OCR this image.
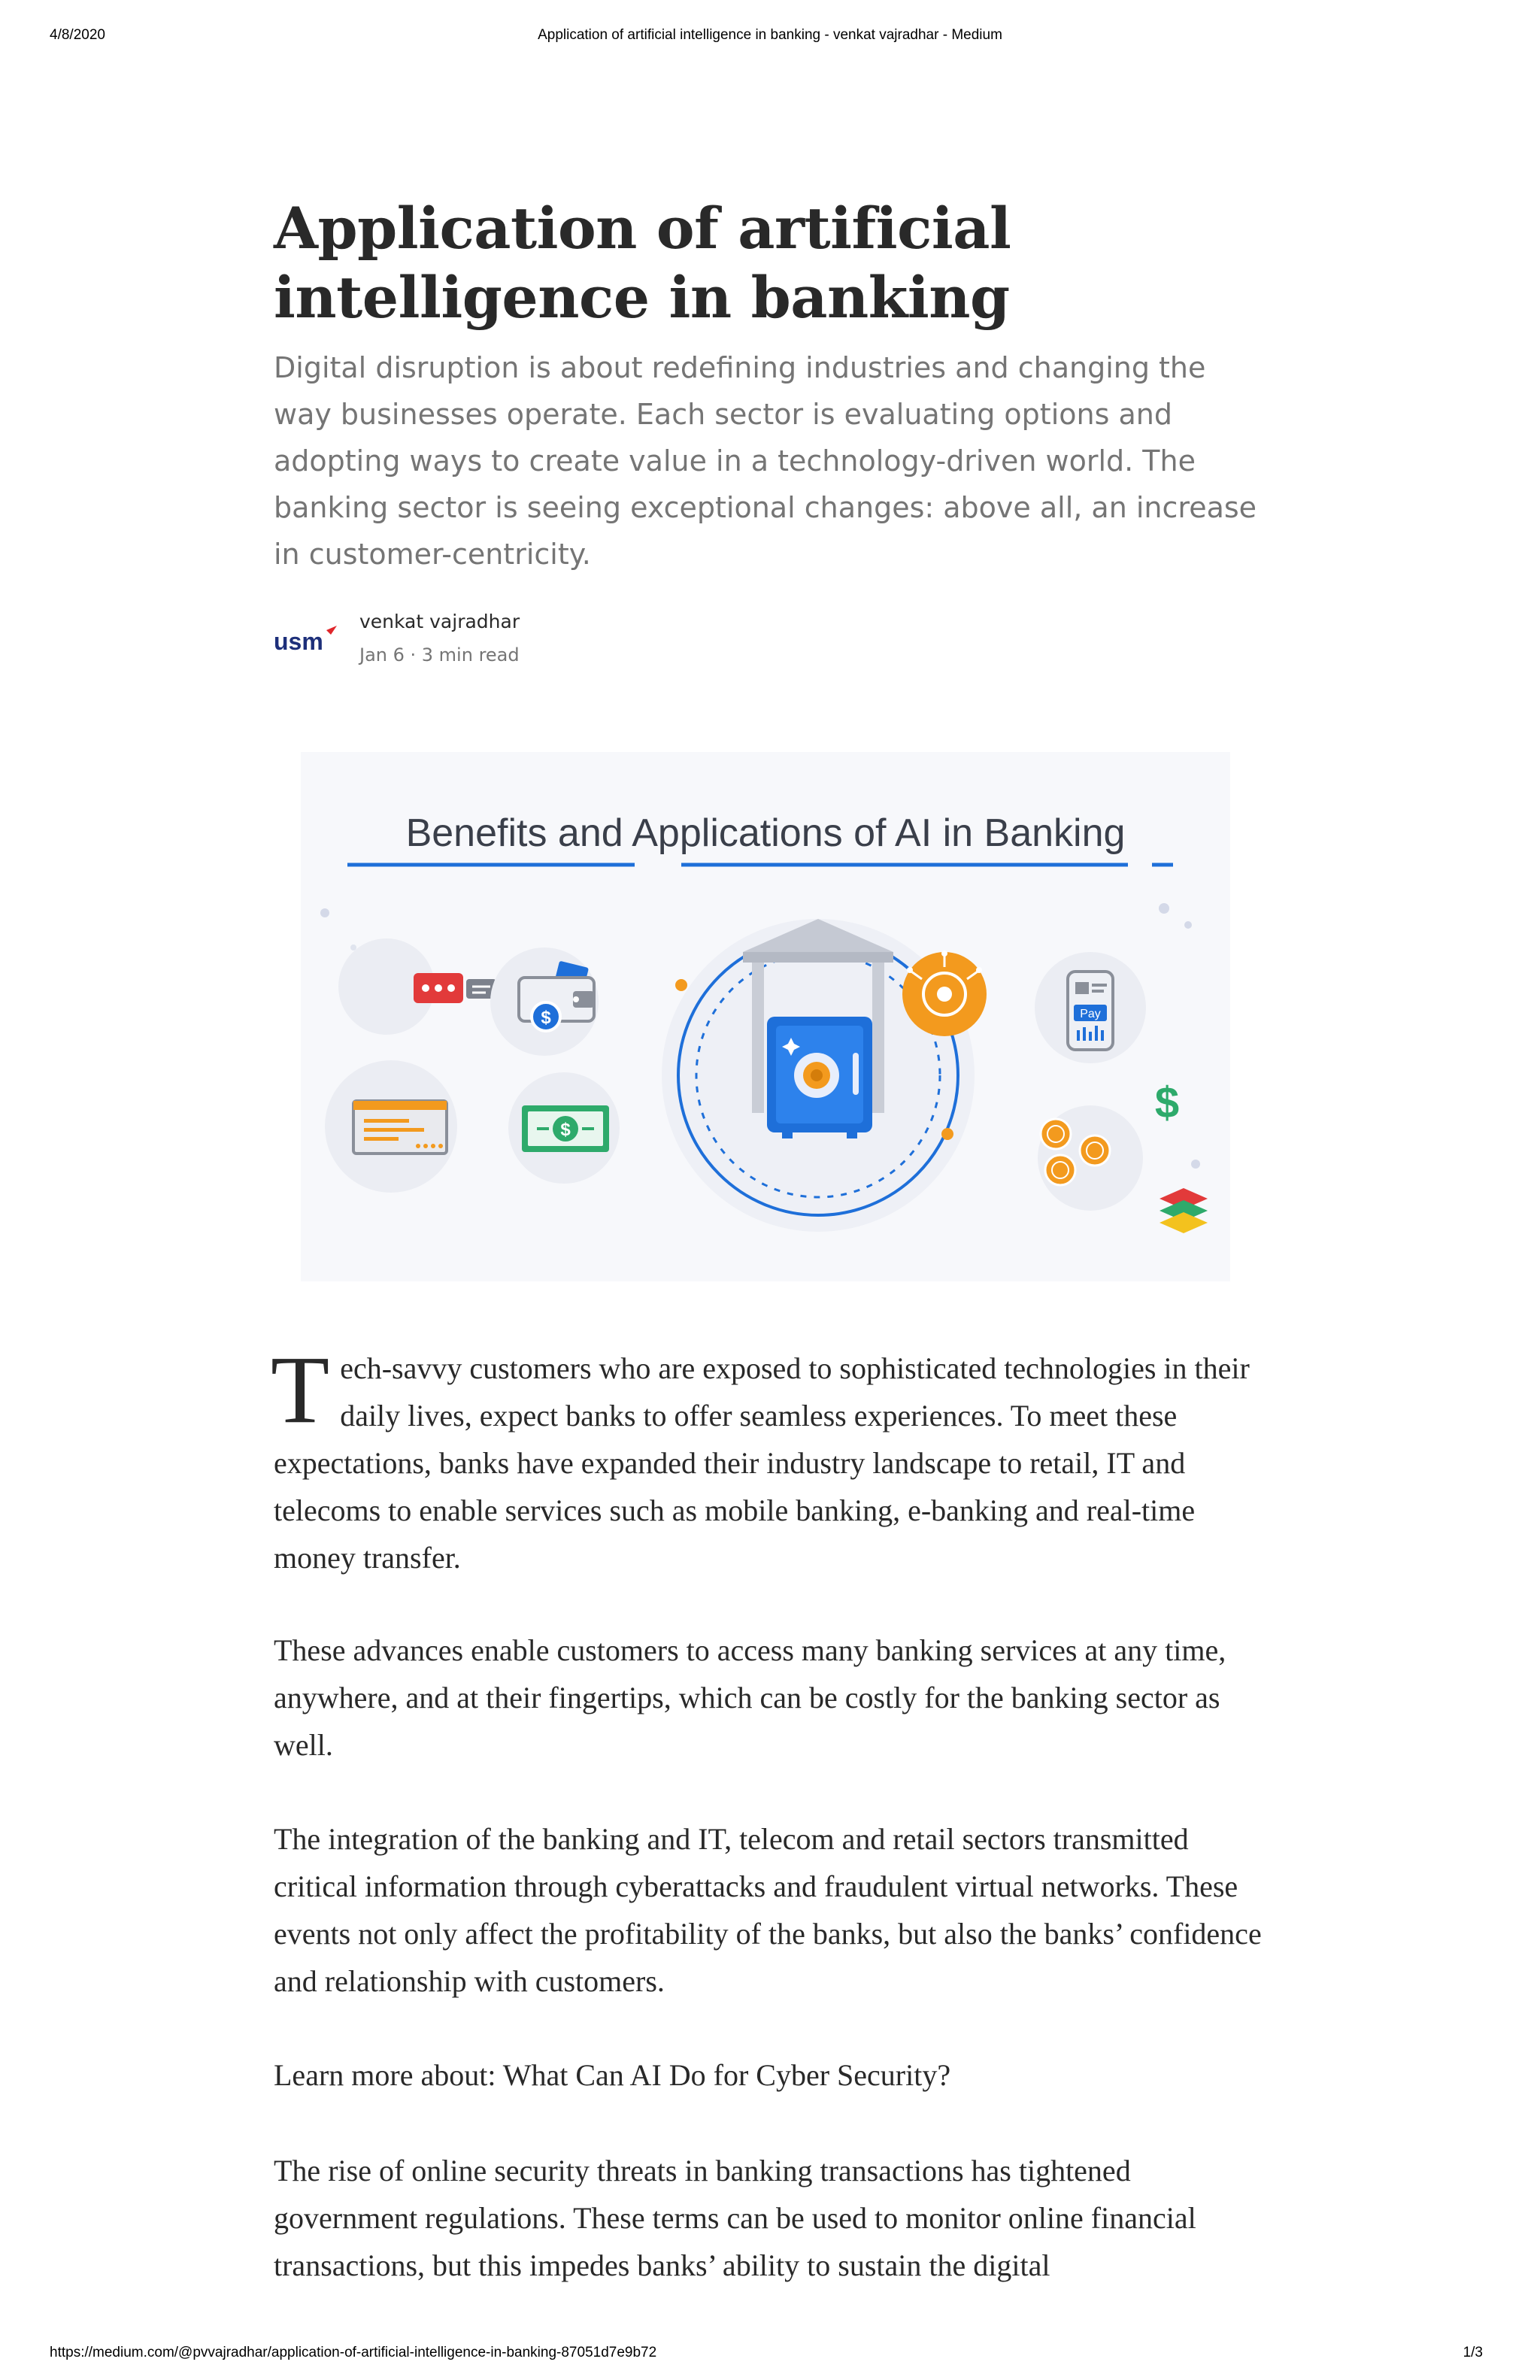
4/8/2020	Application of artificial intelligence in banking - venkat vajradhar - Medium
Application of artificial intelligence in banking

Digital disruption is about redefining industries and changing the way businesses operate. Each sector is evaluating options and adopting ways to create value in a technology-driven world. The banking sector is seeing exceptional changes: above all, an increase in customer-centricity.

usm
venkat vajradhar
Jan 6 · 3 min read
Benefits and Applications of AI in Banking
$
$
Pay
$
Tech-savvy customers who are exposed to sophisticated technologies in their daily lives, expect banks to offer seamless experiences. To meet these expectations, banks have expanded their industry landscape to retail, IT and telecoms to enable services such as mobile banking, e-banking and real-time money transfer.

These advances enable customers to access many banking services at any time, anywhere, and at their fingertips, which can be costly for the banking sector as well.

The integration of the banking and IT, telecom and retail sectors transmitted critical information through cyberattacks and fraudulent virtual networks. These events not only affect the profitability of the banks, but also the banks’ confidence and relationship with customers.

Learn more about: What Can AI Do for Cyber Security?

The rise of online security threats in banking transactions has tightened government regulations. These terms can be used to monitor online financial transactions, but this impedes banks’ ability to sustain the digital

https://medium.com/@pvvajradhar/application-of-artificial-intelligence-in-banking-87051d7e9b72	1/3
